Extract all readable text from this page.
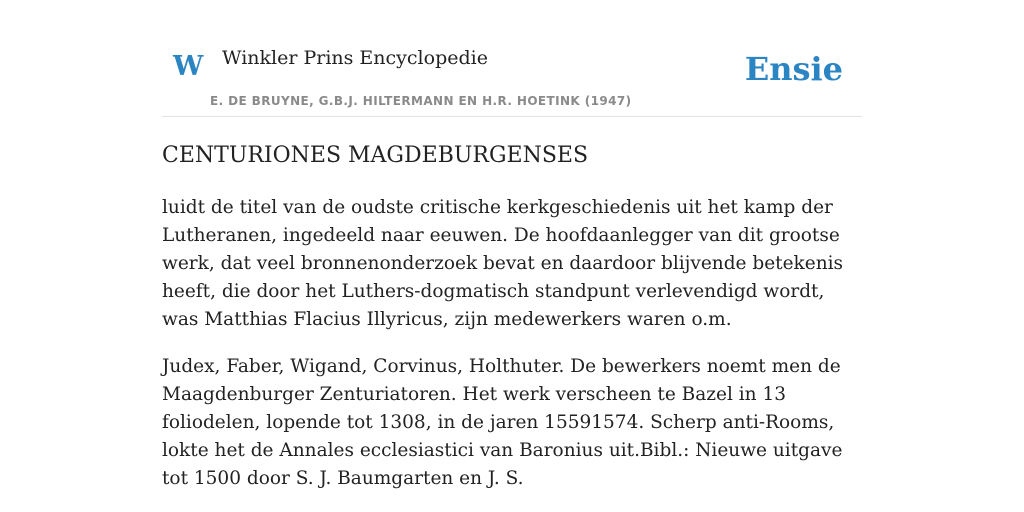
W Winkler Prins Encyclopedie
E. DE BRUYNE, G.B.J. HILTERMANN EN H.R. HOETINK (1947)
Ensie
CENTURIONES MAGDEBURGENSES

luidt de titel van de oudste critische kerkgeschiedenis uit het kamp der Lutheranen, ingedeeld naar eeuwen. De hoofdaanlegger van dit grootse werk, dat veel bronnenonderzoek bevat en daardoor blijvende betekenis heeft, die door het Luthers-dogmatisch standpunt verlevendigd wordt, was Matthias Flacius Illyricus, zijn medewerkers waren o.m.

Judex, Faber, Wigand, Corvinus, Holthuter. De bewerkers noemt men de Maagdenburger Zenturiatoren. Het werk verscheen te Bazel in 13 foliodelen, lopende tot 1308, in de jaren 15591574. Scherp anti-Rooms, lokte het de Annales ecclesiastici van Baronius uit.Bibl.: Nieuwe uitgave tot 1500 door S. J. Baumgarten en J. S.
